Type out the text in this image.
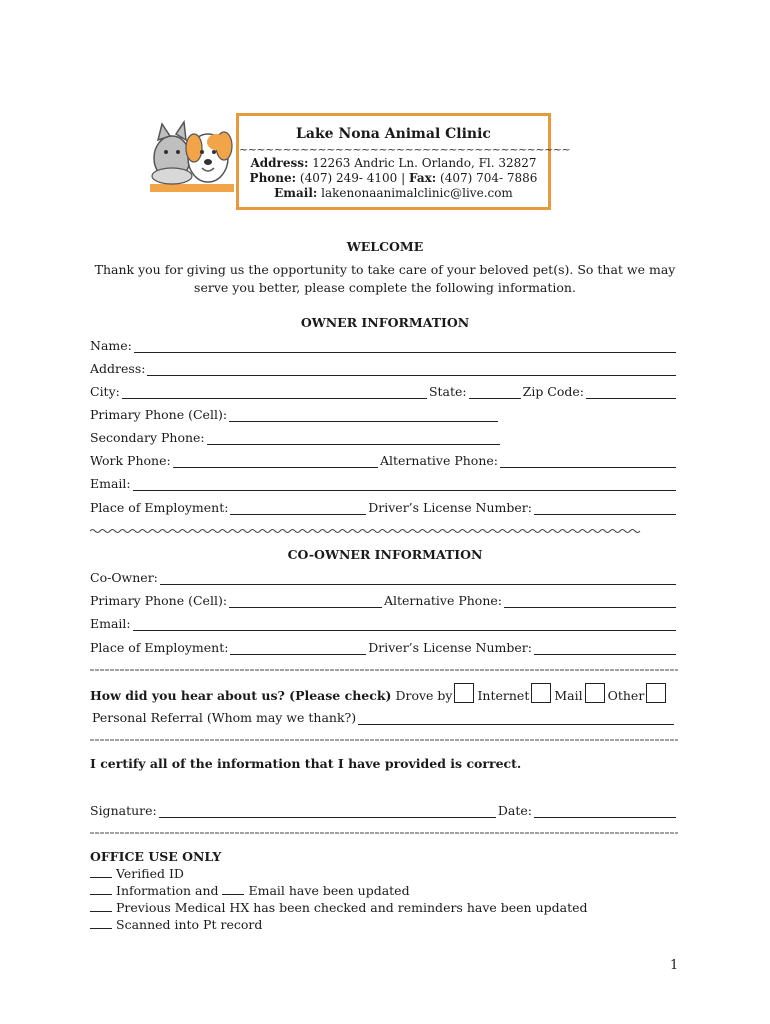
Lake Nona Animal Clinic
~~~~~~~~~~~~~~~~~~~~~~~~~~~~~~~~~~~~~~
Address: 12263 Andric Ln. Orlando, Fl. 32827
Phone: (407) 249- 4100 | Fax: (407) 704- 7886
Email: lakenonaanimalclinic@live.com
WELCOME
Thank you for giving us the opportunity to take care of your beloved pet(s). So that we may serve you better, please complete the following information.
OWNER INFORMATION
Name:
Address:
City:	State:	Zip Code:
Primary Phone (Cell):
Secondary Phone:
Work Phone:	Alternative Phone:
Email:
Place of Employment:	Driver’s License Number:
CO-OWNER INFORMATION
Co-Owner:
Primary Phone (Cell):	Alternative Phone:
Email:
Place of Employment:	Driver’s License Number:
How did you hear about us? (Please check) Drove by Internet Mail Other
Personal Referral (Whom may we thank?)
I certify all of the information that I have provided is correct.
Signature:	Date:
OFFICE USE ONLY
Verified ID
Information and Email have been updated
Previous Medical HX has been checked and reminders have been updated
Scanned into Pt record
1
